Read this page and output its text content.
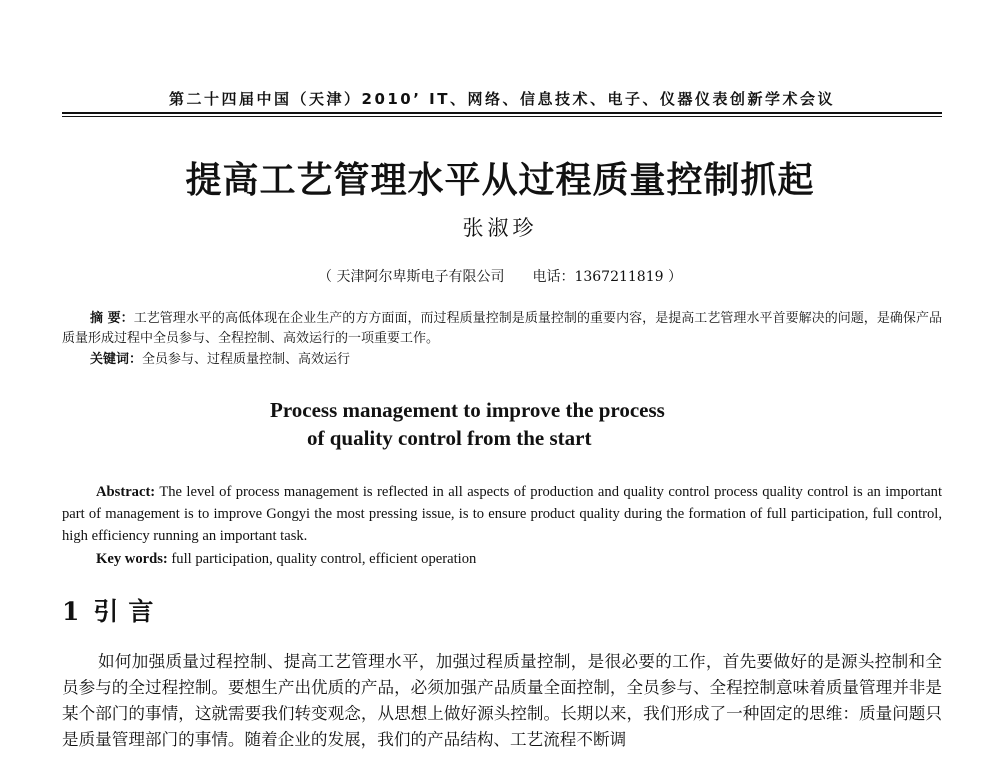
第二十四届中国（天津）2010’ IT、网络、信息技术、电子、仪器仪表创新学术会议
提高工艺管理水平从过程质量控制抓起
张淑珍
（ 天津阿尔卑斯电子有限公司 电话：1367211819 ）
摘 要：工艺管理水平的高低体现在企业生产的方方面面，而过程质量控制是质量控制的重要内容，是提高工艺管理水平首要解决的问题，是确保产品质量形成过程中全员参与、全程控制、高效运行的一项重要工作。
关键词：全员参与、过程质量控制、高效运行
Process management to improve the process
of quality control from the start
Abstract: The level of process management is reflected in all aspects of production and quality control process quality control is an important part of management is to improve Gongyi the most pressing issue, is to ensure product quality during the formation of full participation, full control, high efficiency running an important task.
Key words: full participation, quality control, efficient operation
1 引言
如何加强质量过程控制、提高工艺管理水平，加强过程质量控制，是很必要的工作，首先要做好的是源头控制和全员参与的全过程控制。要想生产出优质的产品，必须加强产品质量全面控制，全员参与、全程控制意味着质量管理并非是某个部门的事情，这就需要我们转变观念，从思想上做好源头控制。长期以来，我们形成了一种固定的思维：质量问题只是质量管理部门的事情。随着企业的发展，我们的产品结构、工艺流程不断调
